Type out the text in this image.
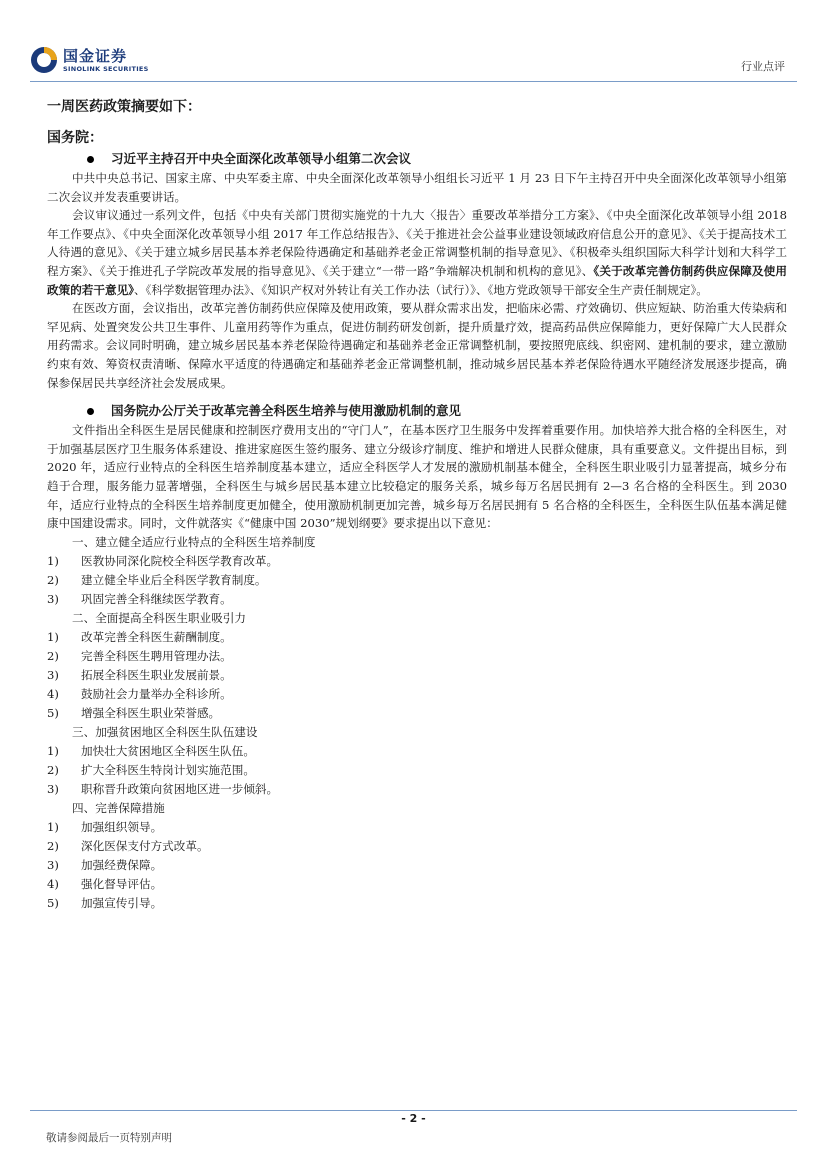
国金证券
SINOLINK SECURITIES	行业点评
一周医药政策摘要如下：
国务院：
习近平主持召开中央全面深化改革领导小组第二次会议

中共中央总书记、国家主席、中央军委主席、中央全面深化改革领导小组组长习近平 1 月 23 日下午主持召开中央全面深化改革领导小组第二次会议并发表重要讲话。

会议审议通过一系列文件，包括《中央有关部门贯彻实施党的十九大〈报告〉重要改革举措分工方案》、《中央全面深化改革领导小组 2018 年工作要点》、《中央全面深化改革领导小组 2017 年工作总结报告》、《关于推进社会公益事业建设领域政府信息公开的意见》、《关于提高技术工人待遇的意见》、《关于建立城乡居民基本养老保险待遇确定和基础养老金正常调整机制的指导意见》、《积极牵头组织国际大科学计划和大科学工程方案》、《关于推进孔子学院改革发展的指导意见》、《关于建立“一带一路”争端解决机制和机构的意见》、《关于改革完善仿制药供应保障及使用政策的若干意见》、《科学数据管理办法》、《知识产权对外转让有关工作办法（试行）》、《地方党政领导干部安全生产责任制规定》。

在医改方面，会议指出，改革完善仿制药供应保障及使用政策，要从群众需求出发，把临床必需、疗效确切、供应短缺、防治重大传染病和罕见病、处置突发公共卫生事件、儿童用药等作为重点，促进仿制药研发创新，提升质量疗效，提高药品供应保障能力，更好保障广大人民群众用药需求。会议同时明确，建立城乡居民基本养老保险待遇确定和基础养老金正常调整机制，要按照兜底线、织密网、建机制的要求，建立激励约束有效、筹资权责清晰、保障水平适度的待遇确定和基础养老金正常调整机制，推动城乡居民基本养老保险待遇水平随经济发展逐步提高，确保参保居民共享经济社会发展成果。

国务院办公厅关于改革完善全科医生培养与使用激励机制的意见

文件指出全科医生是居民健康和控制医疗费用支出的“守门人”，在基本医疗卫生服务中发挥着重要作用。加快培养大批合格的全科医生，对于加强基层医疗卫生服务体系建设、推进家庭医生签约服务、建立分级诊疗制度、维护和增进人民群众健康，具有重要意义。文件提出目标，到 2020 年，适应行业特点的全科医生培养制度基本建立，适应全科医学人才发展的激励机制基本健全，全科医生职业吸引力显著提高，城乡分布趋于合理，服务能力显著增强，全科医生与城乡居民基本建立比较稳定的服务关系，城乡每万名居民拥有 2—3 名合格的全科医生。到 2030 年，适应行业特点的全科医生培养制度更加健全，使用激励机制更加完善，城乡每万名居民拥有 5 名合格的全科医生，全科医生队伍基本满足健康中国建设需求。同时，文件就落实《“健康中国 2030”规划纲要》要求提出以下意见：

一、建立健全适应行业特点的全科医生培养制度
1)	医教协同深化院校全科医学教育改革。
2)	建立健全毕业后全科医学教育制度。
3)	巩固完善全科继续医学教育。
二、全面提高全科医生职业吸引力
1)	改革完善全科医生薪酬制度。
2)	完善全科医生聘用管理办法。
3)	拓展全科医生职业发展前景。
4)	鼓励社会力量举办全科诊所。
5)	增强全科医生职业荣誉感。
三、加强贫困地区全科医生队伍建设
1)	加快壮大贫困地区全科医生队伍。
2)	扩大全科医生特岗计划实施范围。
3)	职称晋升政策向贫困地区进一步倾斜。
四、完善保障措施
1)	加强组织领导。
2)	深化医保支付方式改革。
3)	加强经费保障。
4)	强化督导评估。
5)	加强宣传引导。
- 2 -
敬请参阅最后一页特别声明
